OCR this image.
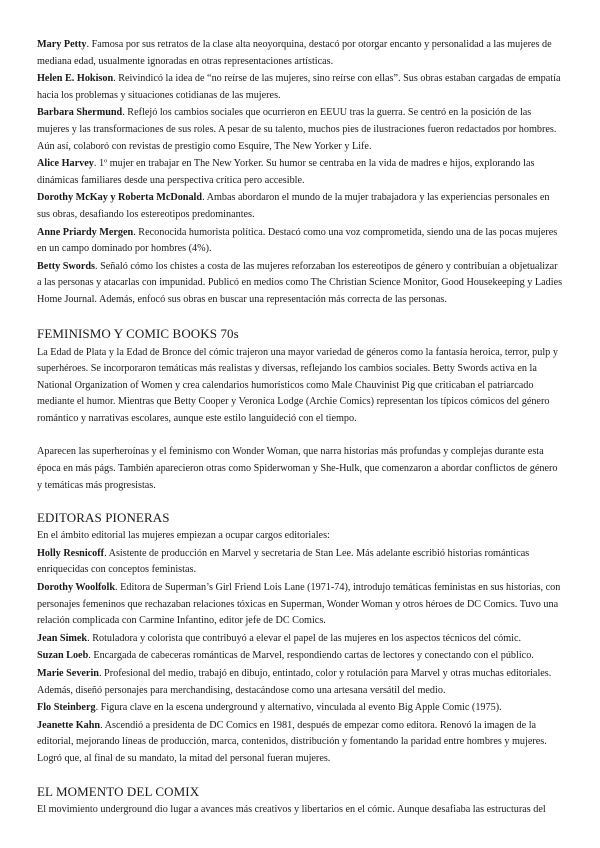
Mary Petty. Famosa por sus retratos de la clase alta neoyorquina, destacó por otorgar encanto y personalidad a las mujeres de mediana edad, usualmente ignoradas en otras representaciones artísticas.

Helen E. Hokison. Reivindicó la idea de “no reírse de las mujeres, sino reírse con ellas”. Sus obras estaban cargadas de empatía hacia los problemas y situaciones cotidianas de las mujeres.

Barbara Shermund. Reflejó los cambios sociales que ocurrieron en EEUU tras la guerra. Se centró en la posición de las mujeres y las transformaciones de sus roles. A pesar de su talento, muchos pies de ilustraciones fueron redactados por hombres. Aún así, colaboró con revistas de prestigio como Esquire, The New Yorker y Life.

Alice Harvey. 1º mujer en trabajar en The New Yorker. Su humor se centraba en la vida de madres e hijos, explorando las dinámicas familiares desde una perspectiva crítica pero accesible.

Dorothy McKay y Roberta McDonald. Ambas abordaron el mundo de la mujer trabajadora y las experiencias personales en sus obras, desafiando los estereotipos predominantes.

Anne Priardy Mergen. Reconocida humorista política. Destacó como una voz comprometida, siendo una de las pocas mujeres en un campo dominado por hombres (4%).

Betty Swords. Señaló cómo los chistes a costa de las mujeres reforzaban los estereotipos de género y contribuían a objetualizar a las personas y atacarlas con impunidad. Publicó en medios como The Christian Science Monitor, Good Housekeeping y Ladies Home Journal. Además, enfocó sus obras en buscar una representación más correcta de las personas.

FEMINISMO Y COMIC BOOKS 70s

La Edad de Plata y la Edad de Bronce del cómic trajeron una mayor variedad de géneros como la fantasía heroica, terror, pulp y superhéroes. Se incorporaron temáticas más realistas y diversas, reflejando los cambios sociales. Betty Swords activa en la National Organization of Women y crea calendarios humorísticos como Male Chauvinist Pig que criticaban el patriarcado mediante el humor. Mientras que Betty Cooper y Veronica Lodge (Archie Comics) representan los típicos cómicos del género romántico y narrativas escolares, aunque este estilo languideció con el tiempo.

Aparecen las superheroínas y el feminismo con Wonder Woman, que narra historias más profundas y complejas durante esta época en más págs. También aparecieron otras como Spiderwoman y She-Hulk, que comenzaron a abordar conflictos de género y temáticas más progresistas.

EDITORAS PIONERAS

En el ámbito editorial las mujeres empiezan a ocupar cargos editoriales:

Holly Resnicoff. Asistente de producción en Marvel y secretaria de Stan Lee. Más adelante escribió historias románticas enriquecidas con conceptos feministas.

Dorothy Woolfolk. Editora de Superman’s Girl Friend Lois Lane (1971-74), introdujo temáticas feministas en sus historias, con personajes femeninos que rechazaban relaciones tóxicas en Superman, Wonder Woman y otros héroes de DC Comics. Tuvo una relación complicada con Carmine Infantino, editor jefe de DC Comics.

Jean Simek. Rotuladora y colorista que contribuyó a elevar el papel de las mujeres en los aspectos técnicos del cómic.

Suzan Loeb. Encargada de cabeceras románticas de Marvel, respondiendo cartas de lectores y conectando con el público.

Marie Severin. Profesional del medio, trabajó en dibujo, entintado, color y rotulación para Marvel y otras muchas editoriales. Además, diseñó personajes para merchandising, destacándose como una artesana versátil del medio.

Flo Steinberg. Figura clave en la escena underground y alternativo, vinculada al evento Big Apple Comic (1975).

Jeanette Kahn. Ascendió a presidenta de DC Comics en 1981, después de empezar como editora. Renovó la imagen de la editorial, mejorando líneas de producción, marca, contenidos, distribución y fomentando la paridad entre hombres y mujeres. Logró que, al final de su mandato, la mitad del personal fueran mujeres.

EL MOMENTO DEL COMIX

El movimiento underground dio lugar a avances más creativos y libertarios en el cómic. Aunque desafiaba las estructuras del
